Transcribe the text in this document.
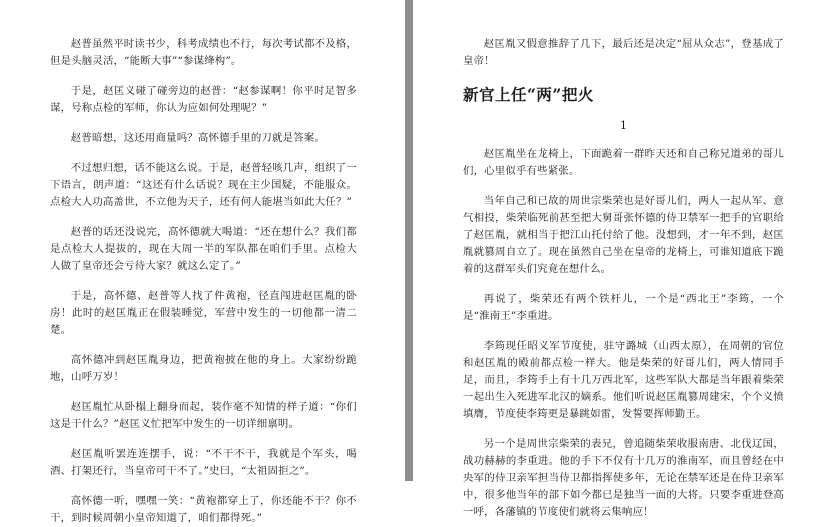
赵普虽然平时读书少，科考成绩也不行，每次考试都不及格，但是头脑灵活，“能断大事”“参谋绛构”。

于是，赵匡义碰了碰旁边的赵普：“赵参谋啊！你平时足智多谋，号称点检的军师，你认为应如何处理呢？”

赵普暗想，这还用商量吗？高怀德手里的刀就是答案。

不过想归想，话不能这么说。于是，赵普轻咳几声，组织了一下语言，朗声道：“这还有什么话说？现在主少国疑，不能服众。点检大人功高盖世，不立他为天子，还有何人能堪当如此大任？”

赵普的话还没说完，高怀德就大喝道：“还在想什么？我们都是点检大人提拔的，现在大周一半的军队都在咱们手里。点检大人做了皇帝还会亏待大家？就这么定了。”

于是，高怀德、赵普等人找了件黄袍，径直闯进赵匡胤的卧房！此时的赵匡胤正在假装睡觉，军营中发生的一切他都一清二楚。

高怀德冲到赵匡胤身边，把黄袍披在他的身上。大家纷纷跪地，山呼万岁！

赵匡胤忙从卧榻上翻身而起，装作毫不知情的样子道：“你们这是干什么？”赵匡义忙把军中发生的一切详细禀明。

赵匡胤听罢连连摆手，说：“不干不干，我就是个军头，喝酒、打架还行，当皇帝可干不了。”史曰，“太祖固拒之”。

高怀德一听，嘿嘿一笑：“黄袍都穿上了，你还能不干？你不干，到时候周朝小皇帝知道了，咱们都得死。”

赵匡胤又假意推辞了几下，最后还是决定“屈从众志”，登基成了皇帝！

新官上任“两”把火
1

赵匡胤坐在龙椅上，下面跪着一群昨天还和自己称兄道弟的哥儿们，心里似乎有些紧张。

当年自己和已故的周世宗柴荣也是好哥儿们，两人一起从军、意气相投，柴荣临死前甚至把大舅哥张怀德的侍卫禁军一把手的官职给了赵匡胤，就相当于把江山托付给了他。没想到，才一年不到，赵匡胤就篡周自立了。现在虽然自己坐在皇帝的龙椅上，可谁知道底下跪着的这群军头们究竟在想什么。

再说了，柴荣还有两个铁杆儿，一个是“西北王”李筠，一个是“淮南王”李重进。

李筠现任昭义军节度使，驻守潞城（山西太原），在周朝的官位和赵匡胤的殿前都点检一样大。他是柴荣的好哥儿们，两人情同手足，而且，李筠手上有十几万西北军，这些军队大都是当年跟着柴荣一起出生入死进军北汉的嫡系。他们听说赵匡胤篡周建宋，个个义愤填膺，节度使李筠更是暴跳如雷，发誓要挥师勤王。

另一个是周世宗柴荣的表兄，曾追随柴荣收服南唐、北伐辽国，战功赫赫的李重进。他的手下不仅有十几万的淮南军，而且曾经在中央军的侍卫亲军担当侍卫都指挥使多年，无论在禁军还是在侍卫亲军中，很多他当年的部下如今都已是独当一面的大将。只要李重进登高一呼，各藩镇的节度使们就将云集响应！
